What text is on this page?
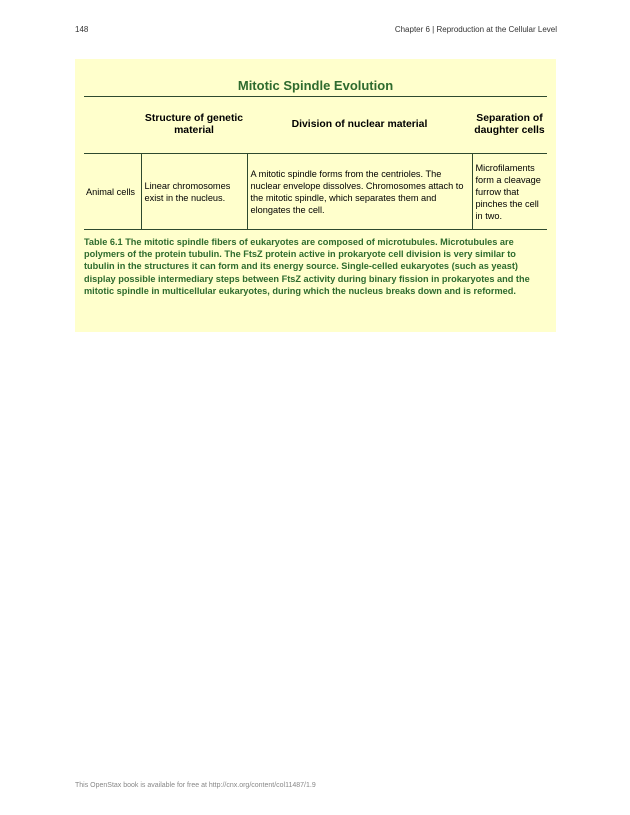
148	Chapter 6 | Reproduction at the Cellular Level
Mitotic Spindle Evolution
	Structure of genetic material	Division of nuclear material	Separation of daughter cells
Animal cells	Linear chromosomes exist in the nucleus.	A mitotic spindle forms from the centrioles. The nuclear envelope dissolves. Chromosomes attach to the mitotic spindle, which separates them and elongates the cell.	Microfilaments form a cleavage furrow that pinches the cell in two.
Table 6.1 The mitotic spindle fibers of eukaryotes are composed of microtubules. Microtubules are polymers of the protein tubulin. The FtsZ protein active in prokaryote cell division is very similar to tubulin in the structures it can form and its energy source. Single-celled eukaryotes (such as yeast) display possible intermediary steps between FtsZ activity during binary fission in prokaryotes and the mitotic spindle in multicellular eukaryotes, during which the nucleus breaks down and is reformed.
This OpenStax book is available for free at http://cnx.org/content/col11487/1.9
